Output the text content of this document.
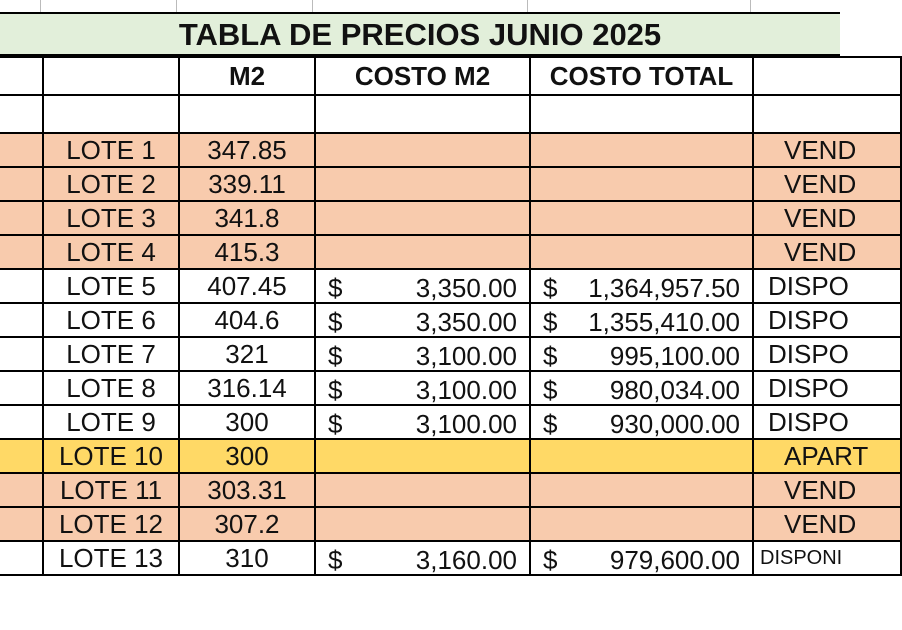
TABLA DE PRECIOS JUNIO 2025
		M2	COSTO M2	COSTO TOTAL	

	LOTE 1	347.85			VEND
	LOTE 2	339.11			VEND
	LOTE 3	341.8			VEND
	LOTE 4	415.3			VEND
	LOTE 5	407.45	$ 3,350.00	$ 1,364,957.50	DISPO
	LOTE 6	404.6	$ 3,350.00	$ 1,355,410.00	DISPO
	LOTE 7	321	$ 3,100.00	$ 995,100.00	DISPO
	LOTE 8	316.14	$ 3,100.00	$ 980,034.00	DISPO
	LOTE 9	300	$ 3,100.00	$ 930,000.00	DISPO
	LOTE 10	300			APART
	LOTE 11	303.31			VEND
	LOTE 12	307.2			VEND
	LOTE 13	310	$ 3,160.00	$ 979,600.00	DISPONI
